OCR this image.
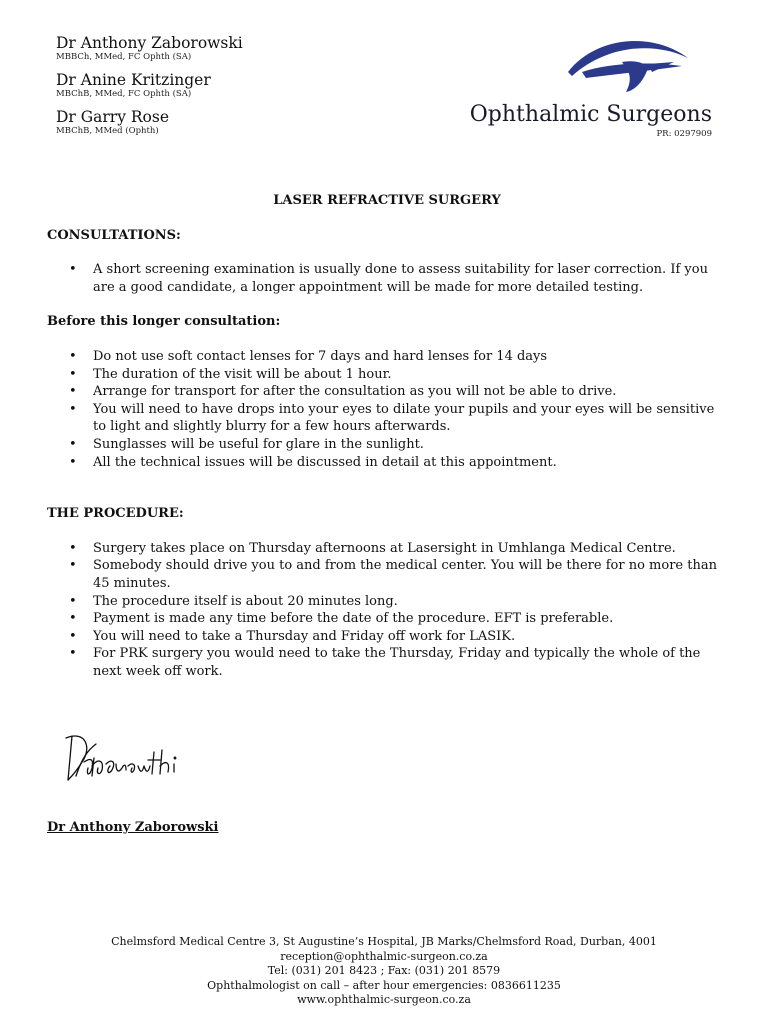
Dr Anthony Zaborowski
MBBCh, MMed, FC Ophth (SA)
Dr Anine Kritzinger
MBChB, MMed, FC Ophth (SA)
Dr Garry Rose
MBChB, MMed (Ophth)
Ophthalmic Surgeons
PR: 0297909
LASER REFRACTIVE SURGERY
CONSULTATIONS:
• A short screening examination is usually done to assess suitability for laser correction. If you are a good candidate, a longer appointment will be made for more detailed testing.
Before this longer consultation:
• Do not use soft contact lenses for 7 days and hard lenses for 14 days
• The duration of the visit will be about 1 hour.
• Arrange for transport for after the consultation as you will not be able to drive.
• You will need to have drops into your eyes to dilate your pupils and your eyes will be sensitive to light and slightly blurry for a few hours afterwards.
• Sunglasses will be useful for glare in the sunlight.
• All the technical issues will be discussed in detail at this appointment.
THE PROCEDURE:
• Surgery takes place on Thursday afternoons at Lasersight in Umhlanga Medical Centre.
• Somebody should drive you to and from the medical center. You will be there for no more than 45 minutes.
• The procedure itself is about 20 minutes long.
• Payment is made any time before the date of the procedure. EFT is preferable.
• You will need to take a Thursday and Friday off work for LASIK.
• For PRK surgery you would need to take the Thursday, Friday and typically the whole of the next week off work.
Dr Anthony Zaborowski
Chelmsford Medical Centre 3, St Augustine’s Hospital, JB Marks/Chelmsford Road, Durban, 4001
reception@ophthalmic-surgeon.co.za
Tel: (031) 201 8423 ; Fax: (031) 201 8579
Ophthalmologist on call – after hour emergencies: 0836611235
www.ophthalmic-surgeon.co.za
